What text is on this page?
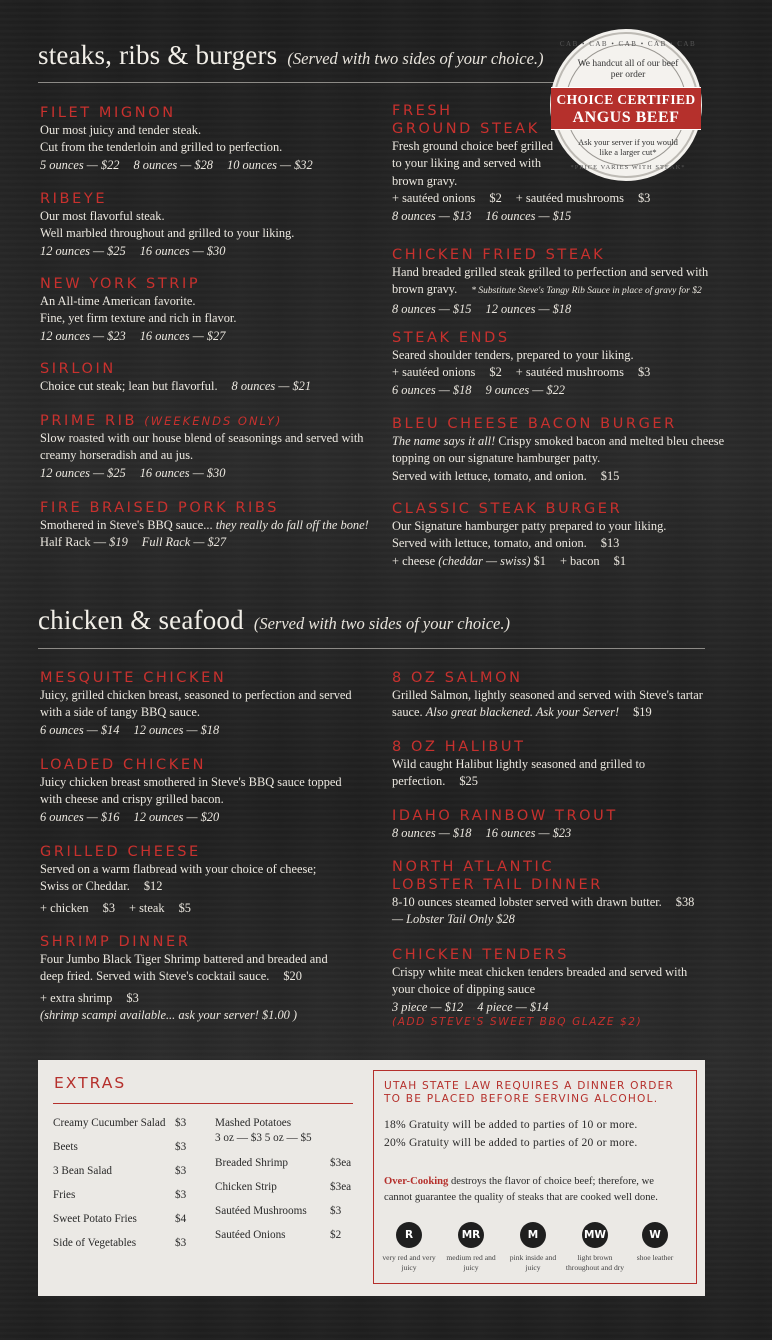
steaks, ribs & burgers (Served with two sides of your choice.)
CAB • CAB • CAB • CAB • CAB
We handcut all of our beef per order
CHOICE CERTIFIED
ANGUS BEEF
Ask your server if you would like a larger cut*
*PRICE VARIES WITH STEAK*
FILET MIGNON
Our most juicy and tender steak.
Cut from the tenderloin and grilled to perfection.
5 ounces — $22 8 ounces — $28 10 ounces — $32
RIBEYE
Our most flavorful steak.
Well marbled throughout and grilled to your liking.
12 ounces — $25 16 ounces — $30
NEW YORK STRIP
An All-time American favorite.
Fine, yet firm texture and rich in flavor.
12 ounces — $23 16 ounces — $27
SIRLOIN
Choice cut steak; lean but flavorful. 8 ounces — $21
PRIME RIB (WEEKENDS ONLY)
Slow roasted with our house blend of seasonings and served with
creamy horseradish and au jus.
12 ounces — $25 16 ounces — $30
FIRE BRAISED PORK RIBS
Smothered in Steve's BBQ sauce... they really do fall off the bone!
Half Rack — $19 Full Rack — $27
FRESH
GROUND STEAK
Fresh ground choice beef grilled
to your liking and served with
brown gravy.
+ sautéed onions $2 + sautéed mushrooms $3
8 ounces — $13 16 ounces — $15
CHICKEN FRIED STEAK
Hand breaded grilled steak grilled to perfection and served with
brown gravy. * Substitute Steve's Tangy Rib Sauce in place of gravy for $2
8 ounces — $15 12 ounces — $18
STEAK ENDS
Seared shoulder tenders, prepared to your liking.
+ sautéed onions $2 + sautéed mushrooms $3
6 ounces — $18 9 ounces — $22
BLEU CHEESE BACON BURGER
The name says it all! Crispy smoked bacon and melted bleu cheese
topping on our signature hamburger patty.
Served with lettuce, tomato, and onion. $15
CLASSIC STEAK BURGER
Our Signature hamburger patty prepared to your liking.
Served with lettuce, tomato, and onion. $13
+ cheese (cheddar — swiss) $1 + bacon $1
chicken & seafood (Served with two sides of your choice.)
MESQUITE CHICKEN
Juicy, grilled chicken breast, seasoned to perfection and served
with a side of tangy BBQ sauce.
6 ounces — $14 12 ounces — $18
LOADED CHICKEN
Juicy chicken breast smothered in Steve's BBQ sauce topped
with cheese and crispy grilled bacon.
6 ounces — $16 12 ounces — $20
GRILLED CHEESE
Served on a warm flatbread with your choice of cheese;
Swiss or Cheddar. $12
+ chicken $3 + steak $5
SHRIMP DINNER
Four Jumbo Black Tiger Shrimp battered and breaded and
deep fried. Served with Steve's cocktail sauce. $20
+ extra shrimp $3
(shrimp scampi available... ask your server! $1.00 )
8 OZ SALMON
Grilled Salmon, lightly seasoned and served with Steve's tartar
sauce. Also great blackened. Ask your Server! $19
8 OZ HALIBUT
Wild caught Halibut lightly seasoned and grilled to
perfection. $25
IDAHO RAINBOW TROUT
8 ounces — $18 16 ounces — $23
NORTH ATLANTIC
LOBSTER TAIL DINNER
8-10 ounces steamed lobster served with drawn butter. $38
— Lobster Tail Only $28
CHICKEN TENDERS
Crispy white meat chicken tenders breaded and served with
your choice of dipping sauce
3 piece — $12 4 piece — $14
(ADD STEVE'S SWEET BBQ GLAZE $2)
EXTRAS
Creamy Cucumber Salad $3
Beets	$3
3 Bean Salad	$3
Fries	$3
Sweet Potato Fries	$4
Side of Vegetables	$3
Mashed Potatoes
3 oz — $3 5 oz — $5
Breaded Shrimp	$3ea
Chicken Strip	$3ea
Sautéed Mushrooms $3
Sautéed Onions	$2
UTAH STATE LAW REQUIRES A DINNER ORDER
TO BE PLACED BEFORE SERVING ALCOHOL.
18% Gratuity will be added to parties of 10 or more.
20% Gratuity will be added to parties of 20 or more.
Over-Cooking destroys the flavor of choice beef; therefore, we
cannot guarantee the quality of steaks that are cooked well done.
R
very red and very juicy
MR
medium red and juicy
M
pink inside and juicy
MW
light brown throughout and dry
W
shoe leather
